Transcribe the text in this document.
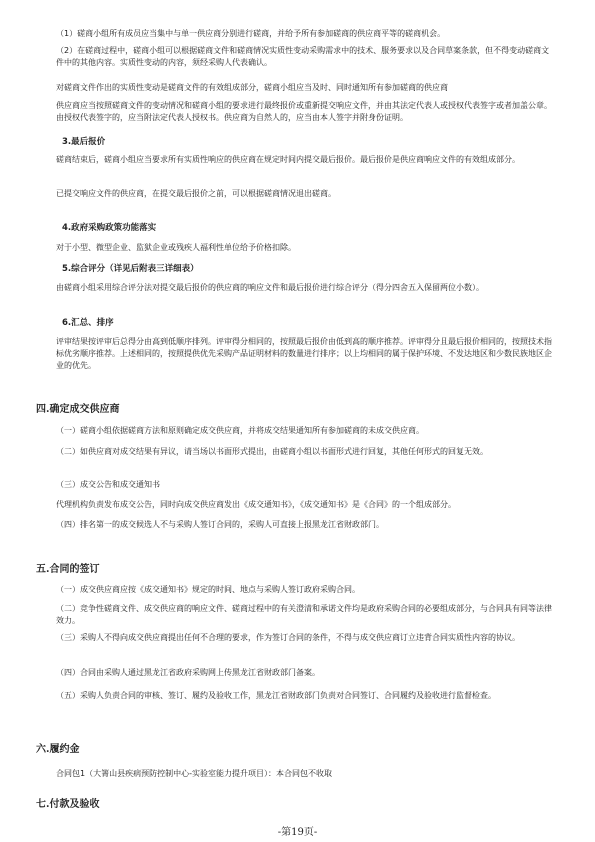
（1）磋商小组所有成员应当集中与单一供应商分别进行磋商，并给予所有参加磋商的供应商平等的磋商机会。

（2）在磋商过程中，磋商小组可以根据磋商文件和磋商情况实质性变动采购需求中的技术、服务要求以及合同草案条款，但不得变动磋商文件中的其他内容。实质性变动的内容，须经采购人代表确认。

对磋商文件作出的实质性变动是磋商文件的有效组成部分，磋商小组应当及时、同时通知所有参加磋商的供应商

供应商应当按照磋商文件的变动情况和磋商小组的要求进行最终报价或重新提交响应文件，并由其法定代表人或授权代表签字或者加盖公章。由授权代表签字的，应当附法定代表人授权书。供应商为自然人的，应当由本人签字并附身份证明。

3.最后报价

磋商结束后，磋商小组应当要求所有实质性响应的供应商在规定时间内提交最后报价。最后报价是供应商响应文件的有效组成部分。

已提交响应文件的供应商，在提交最后报价之前，可以根据磋商情况退出磋商。

4.政府采购政策功能落实

对于小型、微型企业、监狱企业或残疾人福利性单位给予价格扣除。

5.综合评分（详见后附表三详细表）

由磋商小组采用综合评分法对提交最后报价的供应商的响应文件和最后报价进行综合评分（得分四舍五入保留两位小数）。

6.汇总、排序

评审结果按评审后总得分由高到低顺序排列。评审得分相同的，按照最后报价由低到高的顺序推荐。评审得分且最后报价相同的，按照技术指标优劣顺序推荐。上述相同的，按照提供优先采购产品证明材料的数量进行排序；以上均相同的属于保护环境、不发达地区和少数民族地区企业的优先。

四.确定成交供应商

（一）磋商小组依据磋商方法和原则确定成交供应商，并将成交结果通知所有参加磋商的未成交供应商。

（二）如供应商对成交结果有异议，请当场以书面形式提出，由磋商小组以书面形式进行回复，其他任何形式的回复无效。

（三）成交公告和成交通知书

代理机构负责发布成交公告，同时向成交供应商发出《成交通知书》，《成交通知书》是《合同》的一个组成部分。

（四）排名第一的成交候选人不与采购人签订合同的，采购人可直接上报黑龙江省财政部门。

五.合同的签订

（一）成交供应商应按《成交通知书》规定的时间、地点与采购人签订政府采购合同。

（二）竞争性磋商文件、成交供应商的响应文件、磋商过程中的有关澄清和承诺文件均是政府采购合同的必要组成部分，与合同具有同等法律效力。

（三）采购人不得向成交供应商提出任何不合理的要求，作为签订合同的条件，不得与成交供应商订立违背合同实质性内容的协议。

（四）合同由采购人通过黑龙江省政府采购网上传黑龙江省财政部门备案。

（五）采购人负责合同的审核、签订、履约及验收工作，黑龙江省财政部门负责对合同签订、合同履约及验收进行监督检查。

六.履约金

合同包1（大箐山县疾病预防控制中心-实验室能力提升项目）：本合同包不收取

七.付款及验收
-第19页-
